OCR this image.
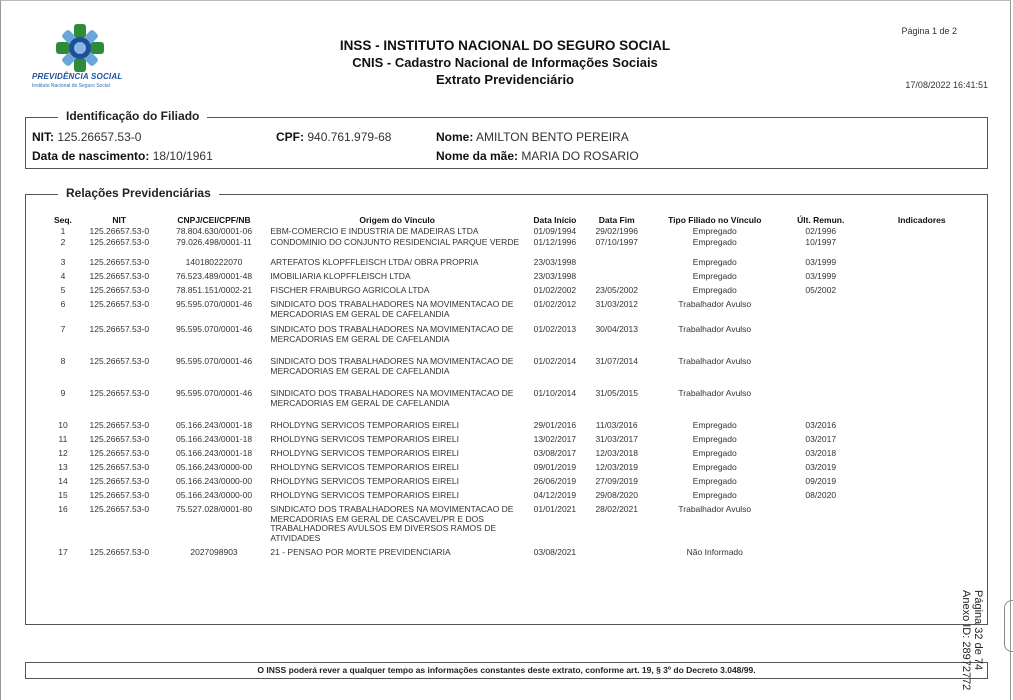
PREVIDÊNCIA SOCIAL
Instituto Nacional do Seguro Social
INSS - INSTITUTO NACIONAL DO SEGURO SOCIAL
CNIS - Cadastro Nacional de Informações Sociais
Extrato Previdenciário
Página 1 de 2
17/08/2022 16:41:51
Identificação do Filiado
NIT: 125.26657.53-0	CPF: 940.761.979-68	Nome: AMILTON BENTO PEREIRA
Data de nascimento: 18/10/1961	Nome da mãe: MARIA DO ROSARIO
Relações Previdenciárias
Seq.	NIT	CNPJ/CEI/CPF/NB	Origem do Vínculo	Data Início	Data Fim	Tipo Filiado no Vínculo	Últ. Remun.	Indicadores
1	125.26657.53-0	78.804.630/0001-06	EBM-COMERCIO E INDUSTRIA DE MADEIRAS LTDA	01/09/1994	29/02/1996	Empregado	02/1996	
2	125.26657.53-0	79.026.498/0001-11	CONDOMINIO DO CONJUNTO RESIDENCIAL PARQUE VERDE	01/12/1996	07/10/1997	Empregado	10/1997	
3	125.26657.53-0	140180222070	ARTEFATOS KLOPFFLEISCH LTDA/ OBRA PROPRIA	23/03/1998		Empregado	03/1999	
4	125.26657.53-0	76.523.489/0001-48	IMOBILIARIA KLOPFFLEISCH LTDA	23/03/1998		Empregado	03/1999	
5	125.26657.53-0	78.851.151/0002-21	FISCHER FRAIBURGO AGRICOLA LTDA	01/02/2002	23/05/2002	Empregado	05/2002	
6	125.26657.53-0	95.595.070/0001-46	SINDICATO DOS TRABALHADORES NA MOVIMENTACAO DE MERCADORIAS EM GERAL DE CAFELANDIA	01/02/2012	31/03/2012	Trabalhador Avulso		
7	125.26657.53-0	95.595.070/0001-46	SINDICATO DOS TRABALHADORES NA MOVIMENTACAO DE MERCADORIAS EM GERAL DE CAFELANDIA	01/02/2013	30/04/2013	Trabalhador Avulso		
8	125.26657.53-0	95.595.070/0001-46	SINDICATO DOS TRABALHADORES NA MOVIMENTACAO DE MERCADORIAS EM GERAL DE CAFELANDIA	01/02/2014	31/07/2014	Trabalhador Avulso		
9	125.26657.53-0	95.595.070/0001-46	SINDICATO DOS TRABALHADORES NA MOVIMENTACAO DE MERCADORIAS EM GERAL DE CAFELANDIA	01/10/2014	31/05/2015	Trabalhador Avulso		
10	125.26657.53-0	05.166.243/0001-18	RHOLDYNG SERVICOS TEMPORARIOS EIRELI	29/01/2016	11/03/2016	Empregado	03/2016	
11	125.26657.53-0	05.166.243/0001-18	RHOLDYNG SERVICOS TEMPORARIOS EIRELI	13/02/2017	31/03/2017	Empregado	03/2017	
12	125.26657.53-0	05.166.243/0001-18	RHOLDYNG SERVICOS TEMPORARIOS EIRELI	03/08/2017	12/03/2018	Empregado	03/2018	
13	125.26657.53-0	05.166.243/0000-00	RHOLDYNG SERVICOS TEMPORARIOS EIRELI	09/01/2019	12/03/2019	Empregado	03/2019	
14	125.26657.53-0	05.166.243/0000-00	RHOLDYNG SERVICOS TEMPORARIOS EIRELI	26/06/2019	27/09/2019	Empregado	09/2019	
15	125.26657.53-0	05.166.243/0000-00	RHOLDYNG SERVICOS TEMPORARIOS EIRELI	04/12/2019	29/08/2020	Empregado	08/2020	
16	125.26657.53-0	75.527.028/0001-80	SINDICATO DOS TRABALHADORES NA MOVIMENTACAO DE MERCADORIAS EM GERAL DE CASCAVEL/PR E DOS TRABALHADORES AVULSOS EM DIVERSOS RAMOS DE ATIVIDADES	01/01/2021	28/02/2021	Trabalhador Avulso		
17	125.26657.53-0	2027098903	21 - PENSAO POR MORTE PREVIDENCIARIA	03/08/2021		Não Informado		
O INSS poderá rever a qualquer tempo as informações constantes deste extrato, conforme art. 19, § 3º do Decreto 3.048/99.	Página 32 de 74
Anexo ID: 28972772
